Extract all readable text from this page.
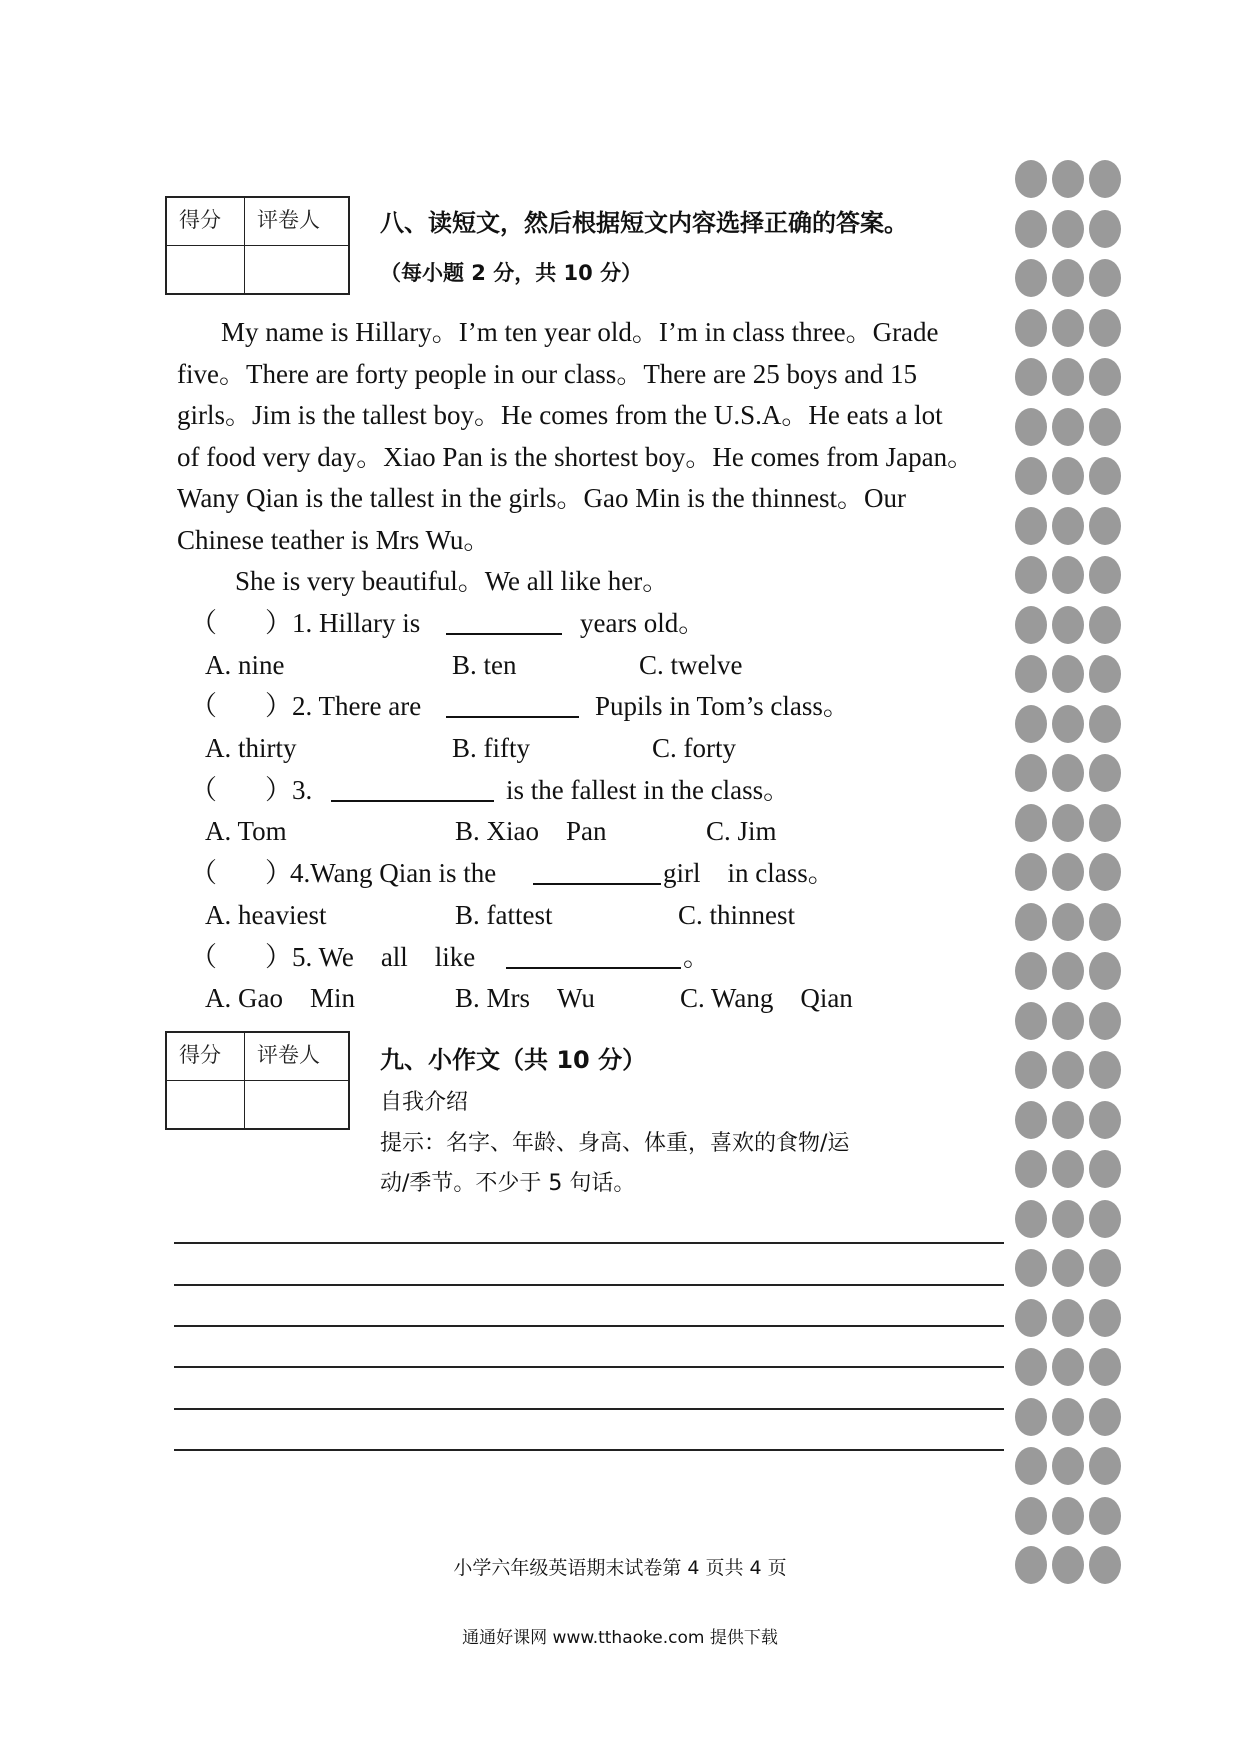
得分	评卷人	八、读短文，然后根据短文内容选择正确的答案。
（每小题 2 分，共 10 分）

My name is Hillary。I’m ten year old。I’m in class three。Grade

five。There are forty people in our class。There are 25 boys and 15

girls。Jim is the tallest boy。He comes from the U.S.A。He eats a lot

of food very day。Xiao Pan is the shortest boy。He comes from Japan。

Wany Qian is the tallest in the girls。Gao Min is the thinnest。Our

Chinese teather is Mrs Wu。

She is very beautiful。We all like her。

（ ） 1. Hillary is	years old。
A. nine	B. ten	C. twelve
（ ） 2. There are	Pupils in Tom’s class。
A. thirty	B. fifty	C. forty
（ ） 3.	is the fallest in the class。
A. Tom	B. Xiao　Pan	C. Jim
（ ）
4.Wang Qian is the	girl　in class。
A. heaviest	B. fattest	C. thinnest
（ ） 5. We　all　like	。
A. Gao　Min	B. Mrs　Wu	C. Wang　Qian
得分	评卷人	九、小作文（共 10 分）
自我介绍
提示：名字、年龄、身高、体重，喜欢的食物/运
动/季节。不少于 5 句话。
小学六年级英语期末试卷第 4 页共 4 页
通通好课网 www.tthaoke.com 提供下载
